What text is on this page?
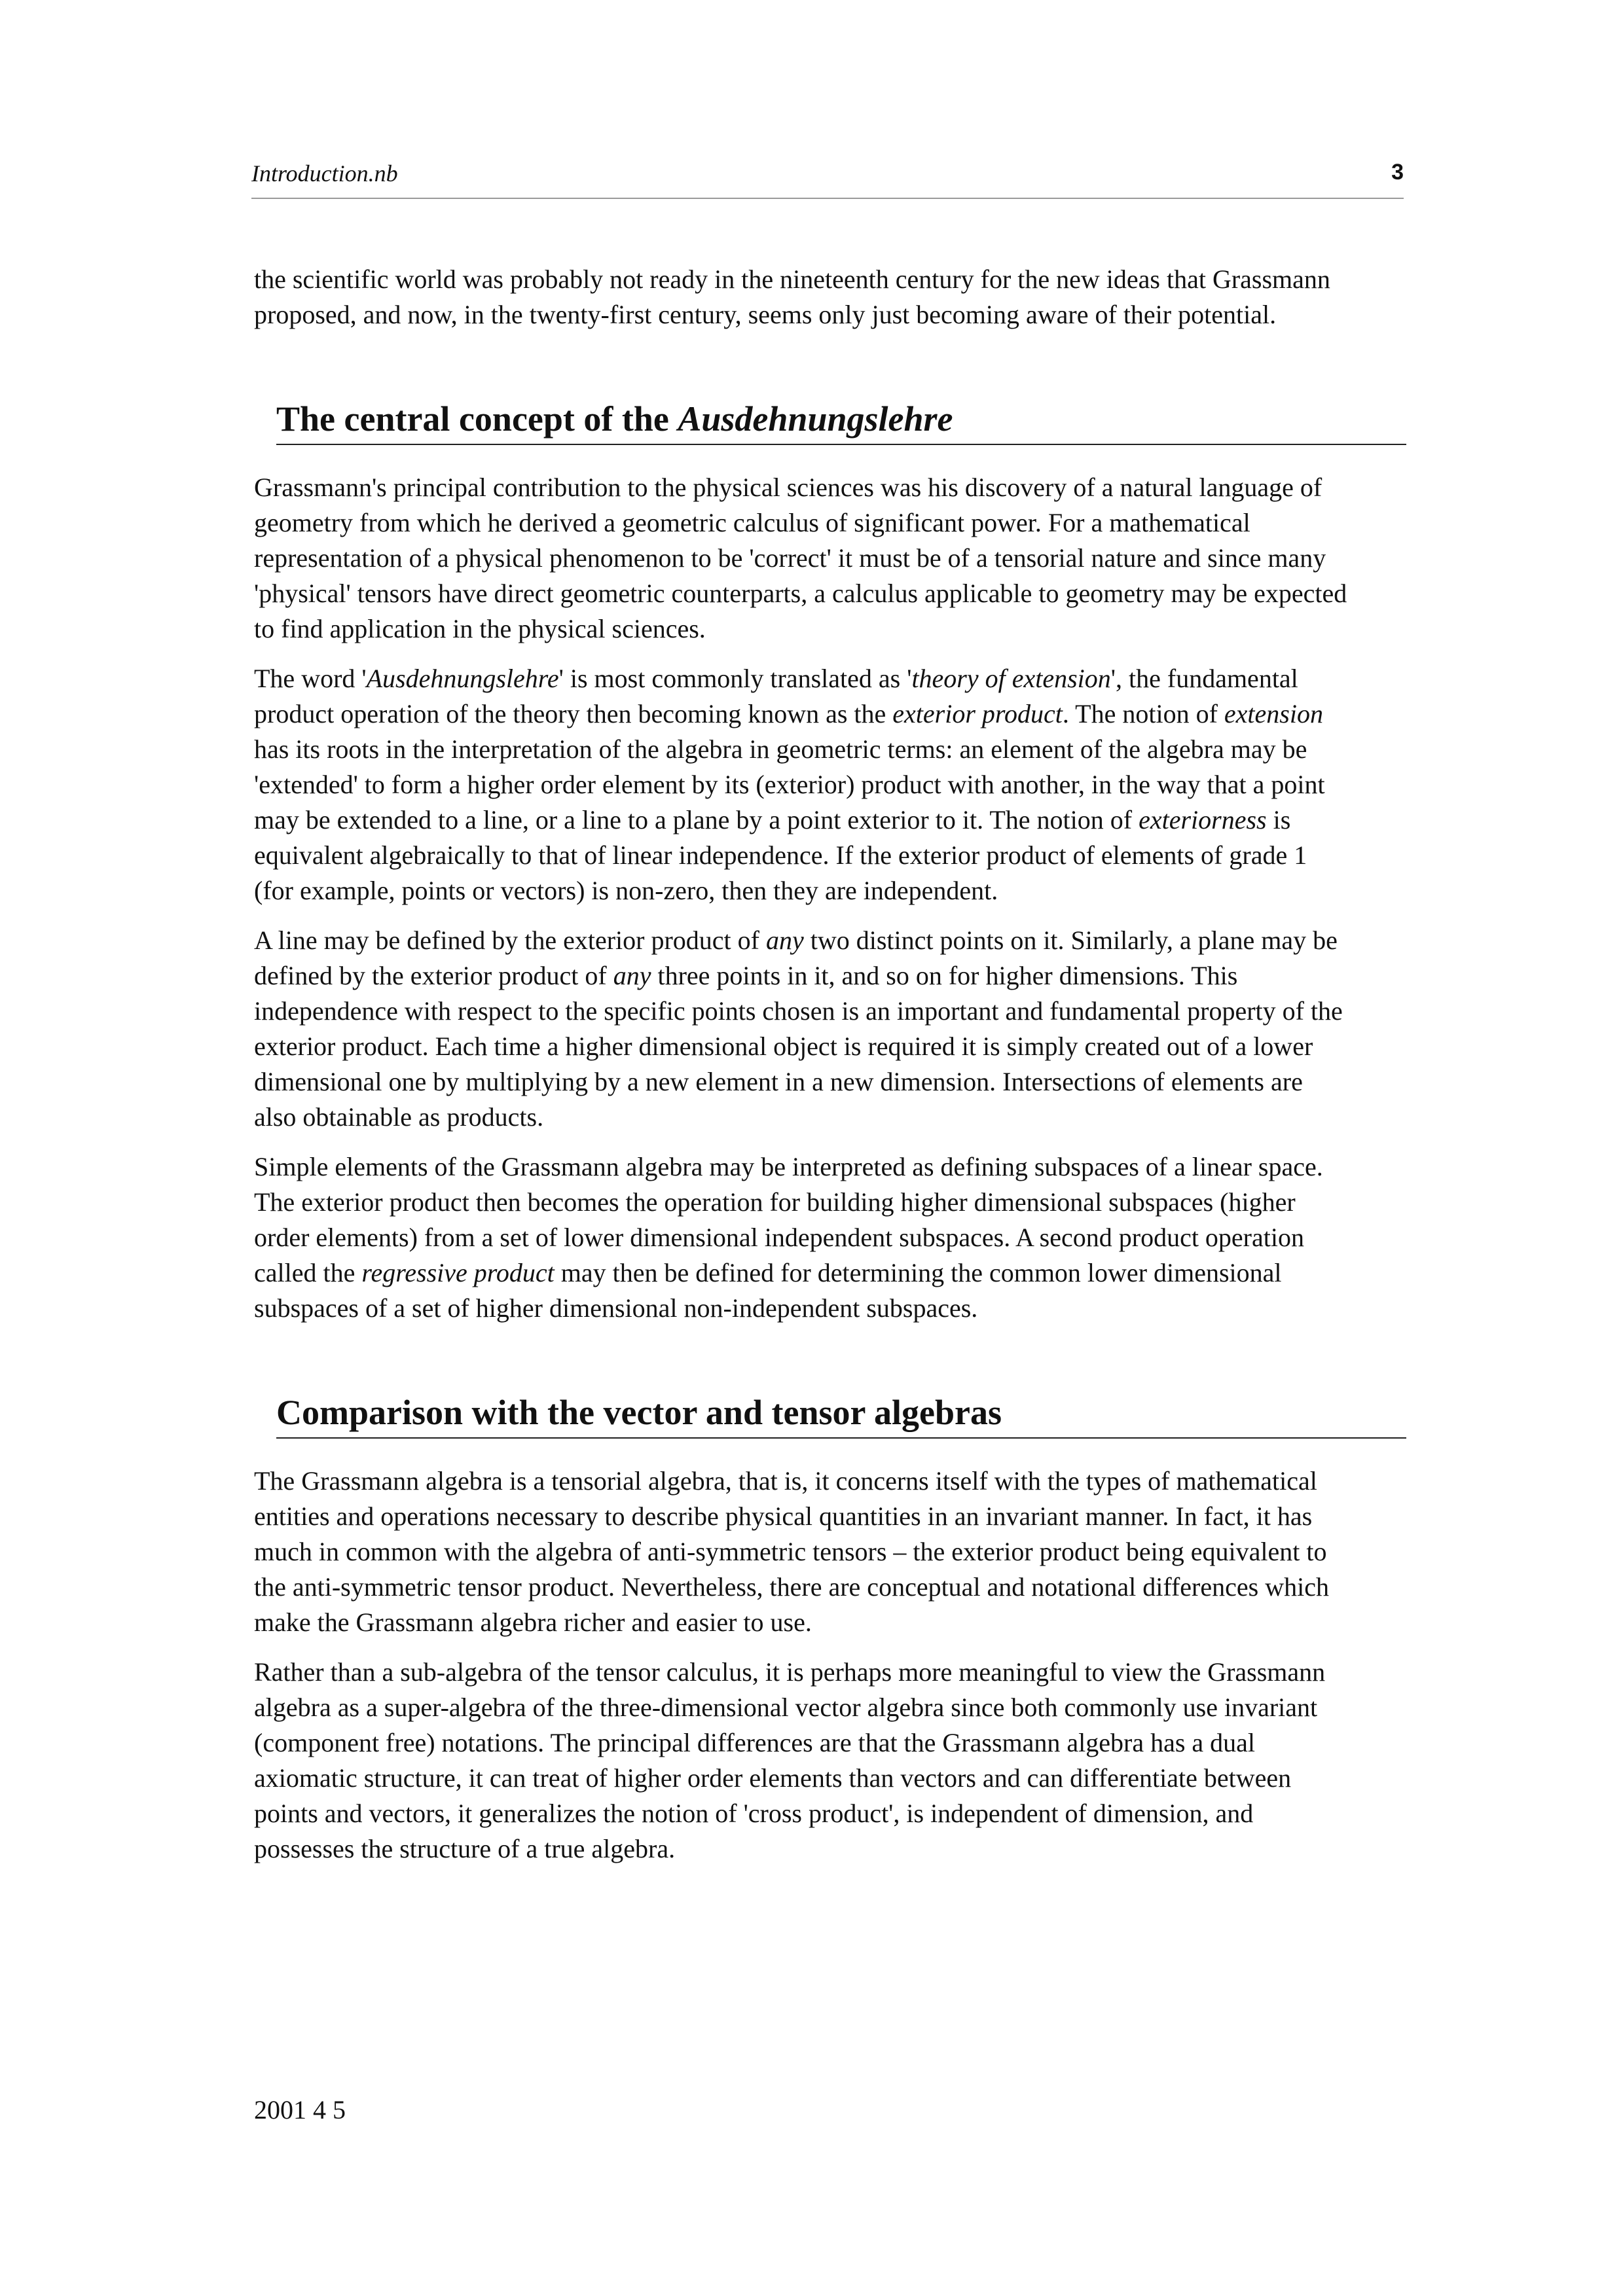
Introduction.nb	3

the scientific world was probably not ready in the nineteenth century for the new ideas that Grassmann proposed, and now, in the twenty-first century, seems only just becoming aware of their potential.

The central concept of the Ausdehnungslehre

Grassmann's principal contribution to the physical sciences was his discovery of a natural language of geometry from which he derived a geometric calculus of significant power. For a mathematical representation of a physical phenomenon to be 'correct' it must be of a tensorial nature and since many 'physical' tensors have direct geometric counterparts, a calculus applicable to geometry may be expected to find application in the physical sciences.

The word 'Ausdehnungslehre' is most commonly translated as 'theory of extension', the fundamental product operation of the theory then becoming known as the exterior product. The notion of extension has its roots in the interpretation of the algebra in geometric terms: an element of the algebra may be 'extended' to form a higher order element by its (exterior) product with another, in the way that a point may be extended to a line, or a line to a plane by a point exterior to it. The notion of exteriorness is equivalent algebraically to that of linear independence. If the exterior product of elements of grade 1 (for example, points or vectors) is non-zero, then they are independent.

A line may be defined by the exterior product of any two distinct points on it. Similarly, a plane may be defined by the exterior product of any three points in it, and so on for higher dimensions. This independence with respect to the specific points chosen is an important and fundamental property of the exterior product. Each time a higher dimensional object is required it is simply created out of a lower dimensional one by multiplying by a new element in a new dimension. Intersections of elements are also obtainable as products.

Simple elements of the Grassmann algebra may be interpreted as defining subspaces of a linear space. The exterior product then becomes the operation for building higher dimensional subspaces (higher order elements) from a set of lower dimensional independent subspaces. A second product operation called the regressive product may then be defined for determining the common lower dimensional subspaces of a set of higher dimensional non-independent subspaces.

Comparison with the vector and tensor algebras

The Grassmann algebra is a tensorial algebra, that is, it concerns itself with the types of mathematical entities and operations necessary to describe physical quantities in an invariant manner. In fact, it has much in common with the algebra of anti-symmetric tensors – the exterior product being equivalent to the anti-symmetric tensor product. Nevertheless, there are conceptual and notational differences which make the Grassmann algebra richer and easier to use.

Rather than a sub-algebra of the tensor calculus, it is perhaps more meaningful to view the Grassmann algebra as a super-algebra of the three-dimensional vector algebra since both commonly use invariant (component free) notations. The principal differences are that the Grassmann algebra has a dual axiomatic structure, it can treat of higher order elements than vectors and can differentiate between points and vectors, it generalizes the notion of 'cross product', is independent of dimension, and possesses the structure of a true algebra.

2001 4 5
